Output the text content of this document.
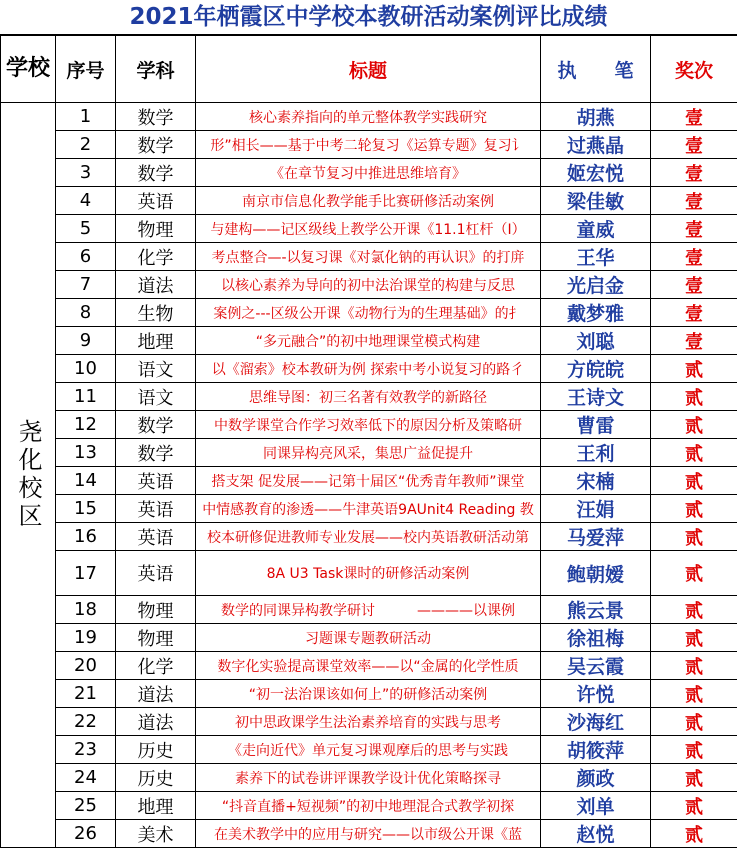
2021年栖霞区中学校本教研活动案例评比成绩
学校	序号	学科	标题	执　　笔	奖次
尧化校区	1	数学	核心素养指向的单元整体教学实践研究	胡燕	壹
	2	数学	形”相长——基于中考二轮复习《运算专题》复习讠	过燕晶	壹
	3	数学	《在章节复习中推进思维培育》	姬宏悦	壹
	4	英语	南京市信息化教学能手比赛研修活动案例	梁佳敏	壹
	5	物理	与建构——记区级线上教学公开课《11.1杠杆（Ⅰ）	童威	壹
	6	化学	考点整合—-以复习课《对氯化钠的再认识》的打庰	王华	壹
	7	道法	以核心素养为导向的初中法治课堂的构建与反思	光启金	壹
	8	生物	案例之---区级公开课《动物行为的生理基础》的扌	戴梦雅	壹
	9	地理	“多元融合”的初中地理课堂模式构建	刘聪	壹
	10	语文	以《溜索》校本教研为例 探索中考小说复习的路彳	方皖皖	贰
	11	语文	思维导图：初三名著有效教学的新路径	王诗文	贰
	12	数学	中数学课堂合作学习效率低下的原因分析及策略研	曹雷	贰
	13	数学	同课异构亮风采，集思广益促提升	王利	贰
	14	英语	搭支架 促发展——记第十届区“优秀青年教师”课堂	宋楠	贰
	15	英语	中情感教育的渗透——牛津英语9AUnit4 Reading 教	汪娟	贰
	16	英语	校本研修促进教师专业发展——校内英语教研活动第	马爱萍	贰
	17	英语	8A U3 Task课时的研修活动案例	鲍朝嫒	贰
	18	物理	数学的同课异构教学研讨　　　————以课例	熊云景	贰
	19	物理	习题课专题教研活动	徐祖梅	贰
	20	化学	数字化实验提高课堂效率——以“金属的化学性质	吴云霞	贰
	21	道法	“初一法治课该如何上”的研修活动案例	许悦	贰
	22	道法	初中思政课学生法治素养培育的实践与思考	沙海红	贰
	23	历史	《走向近代》单元复习课观摩后的思考与实践	胡筱萍	贰
	24	历史	素养下的试卷讲评课教学设计优化策略探寻	颜政	贰
	25	地理	“抖音直播+短视频”的初中地理混合式教学初探	刘单	贰
	26	美术	在美术教学中的应用与研究——以市级公开课《蓝	赵悦	贰
